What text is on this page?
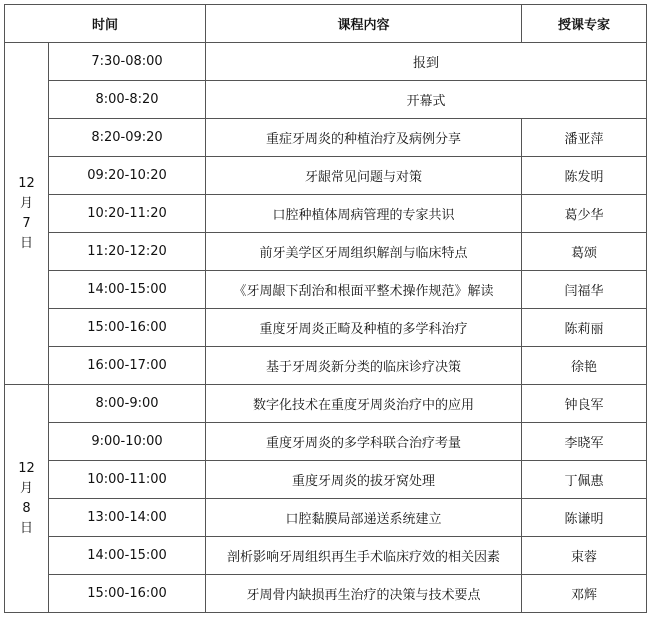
时间		课程内容	授课专家

12
月
7
日	7:30-08:00	报到	
	8:00-8:20	开幕式	
	8:20-09:20	重症牙周炎的种植治疗及病例分享	潘亚萍
	09:20-10:20	牙龈常见问题与对策	陈发明
	10:20-11:20	口腔种植体周病管理的专家共识	葛少华
	11:20-12:20	前牙美学区牙周组织解剖与临床特点	葛颂
	14:00-15:00	《牙周龈下刮治和根面平整术操作规范》解读	闫福华
	15:00-16:00	重度牙周炎正畸及种植的多学科治疗	陈莉丽
	16:00-17:00	基于牙周炎新分类的临床诊疗决策	徐艳

12
月
8
日	8:00-9:00	数字化技术在重度牙周炎治疗中的应用	钟良军
	9:00-10:00	重度牙周炎的多学科联合治疗考量	李晓军
	10:00-11:00	重度牙周炎的拔牙窝处理	丁佩惠
	13:00-14:00	口腔黏膜局部递送系统建立	陈谦明
	14:00-15:00	剖析影响牙周组织再生手术临床疗效的相关因素	束蓉
	15:00-16:00	牙周骨内缺损再生治疗的决策与技术要点	邓辉
